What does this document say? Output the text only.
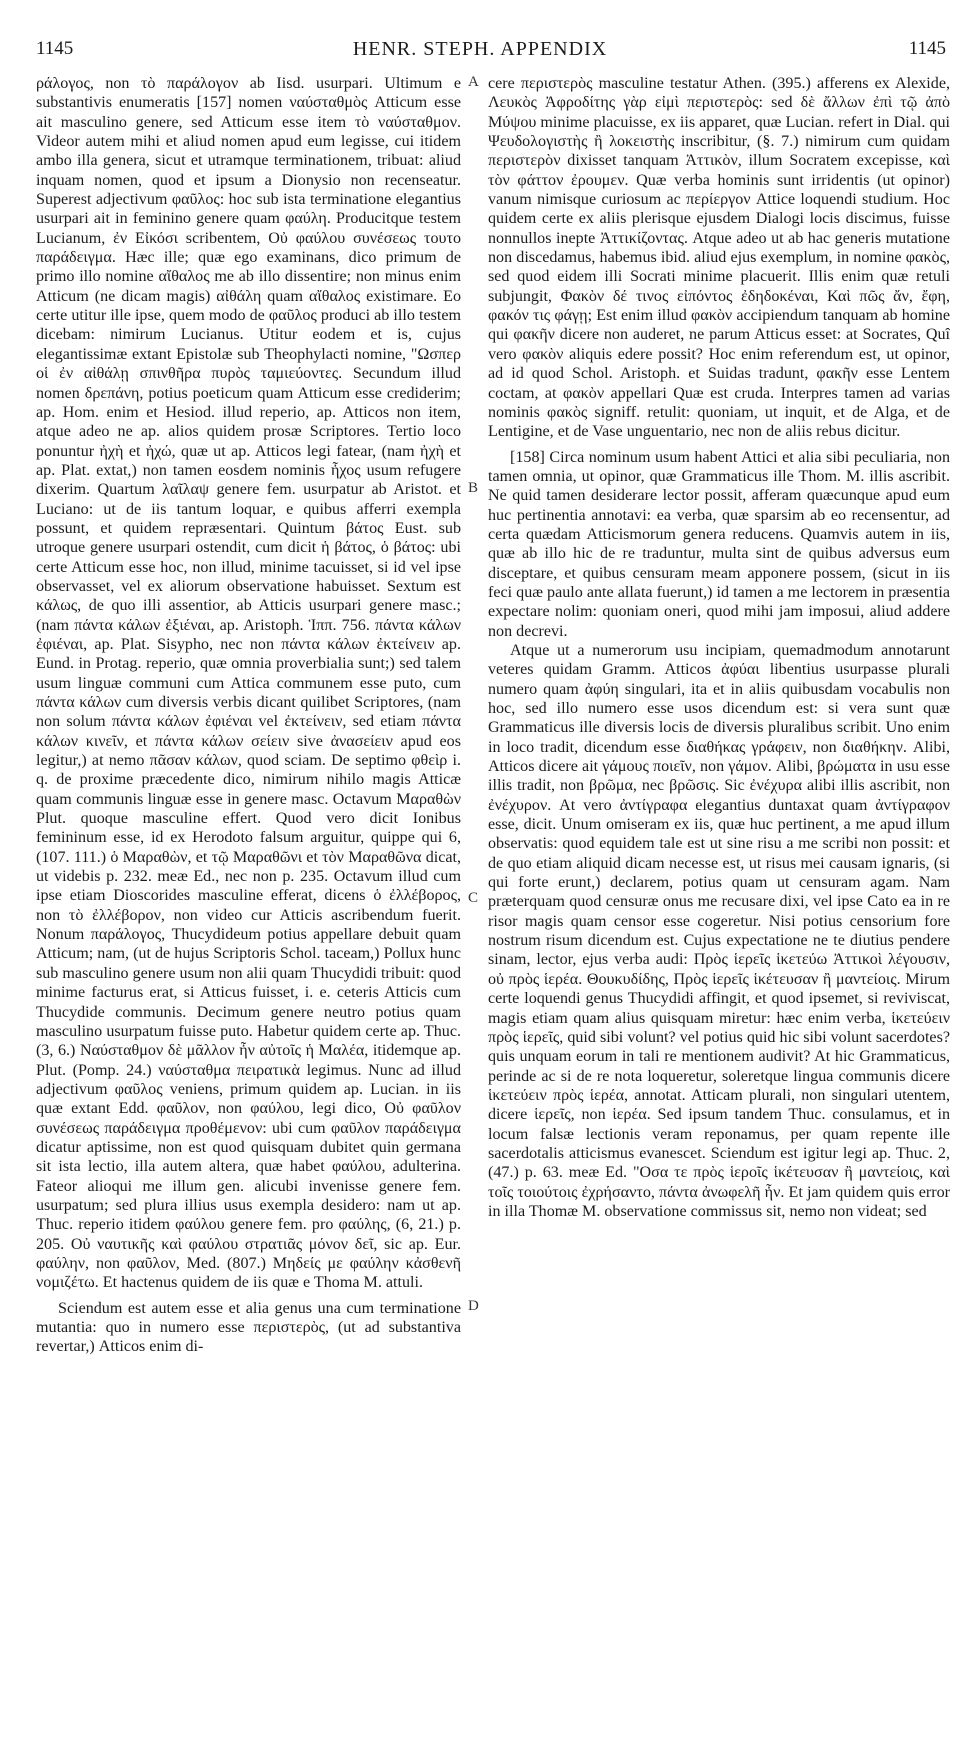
1145	HENR. STEPH. APPENDIX	1145

ράλογος, non τὸ παράλογον ab Iisd. usurpari. Ultimum e substantivis enumeratis [157] nomen ναύσταθμὸς Atticum esse ait masculino genere, sed Atticum esse item τὸ ναύσταθμον. Videor autem mihi et aliud nomen apud eum legisse, cui itidem ambo illa genera, sicut et utramque terminationem, tribuat: aliud inquam nomen, quod et ipsum a Dionysio non recenseatur. Superest adjectivum φαῦλος: hoc sub ista terminatione elegantius usurpari ait in feminino genere quam φαύλη. Producitque testem Lucianum, ἐν Εἰκόσι scribentem, Οὐ φαύλου συνέσεως τουτο παράδειγμα. Hæc ille; quæ ego examinans, dico primum de primo illo nomine αἴθαλος me ab illo dissentire; non minus enim Atticum (ne dicam magis) αἰθάλη quam αἴθαλος existimare. Eo certe utitur ille ipse, quem modo de φαῦλος produci ab illo testem dicebam: nimirum Lucianus. Utitur eodem et is, cujus elegantissimæ extant Epistolæ sub Theophylacti nomine, "Ωσπερ οἱ ἐν αἰθάλῃ σπινθῆρα πυρὸς ταμιεύοντες. Secundum illud nomen δρεπάνη, potius poeticum quam Atticum esse crediderim; ap. Hom. enim et Hesiod. illud reperio, ap. Atticos non item, atque adeo ne ap. alios quidem prosæ Scriptores. Tertio loco ponuntur ἠχὴ et ἠχώ, quæ ut ap. Atticos legi fatear, (nam ἠχὴ et ap. Plat. extat,) non tamen eosdem nominis ἦχος usum refugere dixerim. Quartum λαῖλαψ genere fem. usurpatur ab Aristot. et Luciano: ut de iis tantum loquar, e quibus afferri exempla possunt, et quidem repræsentari. Quintum βάτος Eust. sub utroque genere usurpari ostendit, cum dicit ἡ βάτος, ὁ βάτος: ubi certe Atticum esse hoc, non illud, minime tacuisset, si id vel ipse observasset, vel ex aliorum observatione habuisset. Sextum est κάλως, de quo illi assentior, ab Atticis usurpari genere masc.; (nam πάντα κάλων ἐξιέναι, ap. Aristoph. Ἱππ. 756. πάντα κάλων ἐφιέναι, ap. Plat. Sisypho, nec non πάντα κάλων ἐκτείνειν ap. Eund. in Protag. reperio, quæ omnia proverbialia sunt;) sed talem usum linguæ communi cum Attica communem esse puto, cum πάντα κάλων cum diversis verbis dicant quilibet Scriptores, (nam non solum πάντα κάλων ἐφιέναι vel ἐκτείνειν, sed etiam πάντα κάλων κινεῖν, et πάντα κάλων σείειν sive ἀνασείειν apud eos legitur,) at nemo πᾶσαν κάλων, quod sciam. De septimo φθεὶρ i. q. de proxime præcedente dico, nimirum nihilo magis Atticæ quam communis linguæ esse in genere masc. Octavum Μαραθὼν Plut. quoque masculine effert. Quod vero dicit Ionibus femininum esse, id ex Herodoto falsum arguitur, quippe qui 6, (107. 111.) ὁ Μαραθὼν, et τῷ Μαραθῶνι et τὸν Μαραθῶνα dicat, ut videbis p. 232. meæ Ed., nec non p. 235. Octavum illud cum ipse etiam Dioscorides masculine efferat, dicens ὁ ἐλλέβορος, non τὸ ἐλλέβορον, non video cur Atticis ascribendum fuerit. Nonum παράλογος, Thucydideum potius appellare debuit quam Atticum; nam, (ut de hujus Scriptoris Schol. taceam,) Pollux hunc sub masculino genere usum non alii quam Thucydidi tribuit: quod minime facturus erat, si Atticus fuisset, i. e. ceteris Atticis cum Thucydide communis. Decimum genere neutro potius quam masculino usurpatum fuisse puto. Habetur quidem certe ap. Thuc. (3, 6.) Ναύσταθμον δὲ μᾶλλον ἦν αὐτοῖς ἡ Μαλέα, itidemque ap. Plut. (Pomp. 24.) ναύσταθμα πειρατικὰ legimus. Nunc ad illud adjectivum φαῦλος veniens, primum quidem ap. Lucian. in iis quæ extant Edd. φαῦλον, non φαύλου, legi dico, Οὐ φαῦλον συνέσεως παράδειγμα προθέμενον: ubi cum φαῦλον παράδειγμα dicatur aptissime, non est quod quisquam dubitet quin germana sit ista lectio, illa autem altera, quæ habet φαύλου, adulterina. Fateor alioqui me illum gen. alicubi invenisse genere fem. usurpatum; sed plura illius usus exempla desidero: nam ut ap. Thuc. reperio itidem φαύλου genere fem. pro φαύλης, (6, 21.) p. 205. Οὐ ναυτικῆς καὶ φαύλου στρατιᾶς μόνον δεῖ, sic ap. Eur. φαύλην, non φαῦλον, Med. (807.) Μηδείς με φαύλην κἀσθενῆ νομιζέτω. Et hactenus quidem de iis quæ e Thoma M. attuli.

Sciendum est autem esse et alia genus una cum terminatione mutantia: quo in numero esse περιστερὸς, (ut ad substantiva revertar,) Atticos enim di-

A
B
C
D

cere περιστερὸς masculine testatur Athen. (395.) afferens ex Alexide, Λευκὸς Ἀφροδίτης γὰρ εἰμὶ περιστερὸς: sed δὲ ἄλλων ἐπὶ τῷ ἀπὸ Μύψου minime placuisse, ex iis apparet, quæ Lucian. refert in Dial. qui Ψευδολογιστὴς ἢ λοκειστὴς inscribitur, (§. 7.) nimirum cum quidam περιστερὸν dixisset tanquam Ἀττικὸν, illum Socratem excepisse, καὶ τὸν φάττον ἐρουμεν. Quæ verba hominis sunt irridentis (ut opinor) vanum nimisque curiosum ac περίεργον Attice loquendi studium. Hoc quidem certe ex aliis plerisque ejusdem Dialogi locis discimus, fuisse nonnullos inepte Ἀττικίζοντας. Atque adeo ut ab hac generis mutatione non discedamus, habemus ibid. aliud ejus exemplum, in nomine φακὸς, sed quod eidem illi Socrati minime placuerit. Illis enim quæ retuli subjungit, Φακὸν δέ τινος εἰπόντος ἐδηδοκέναι, Καὶ πῶς ἄν, ἔφη, φακόν τις φάγῃ; Est enim illud φακὸν accipiendum tanquam ab homine qui φακῆν dicere non auderet, ne parum Atticus esset: at Socrates, Quî vero φακὸν aliquis edere possit? Hoc enim referendum est, ut opinor, ad id quod Schol. Aristoph. et Suidas tradunt, φακῆν esse Lentem coctam, at φακὸν appellari Quæ est cruda. Interpres tamen ad varias nominis φακὸς signiff. retulit: quoniam, ut inquit, et de Alga, et de Lentigine, et de Vase unguentario, nec non de aliis rebus dicitur.

[158] Circa nominum usum habent Attici et alia sibi peculiaria, non tamen omnia, ut opinor, quæ Grammaticus ille Thom. M. illis ascribit. Ne quid tamen desiderare lector possit, afferam quæcunque apud eum huc pertinentia annotavi: ea verba, quæ sparsim ab eo recensentur, ad certa quædam Atticismorum genera reducens. Quamvis autem in iis, quæ ab illo hic de re traduntur, multa sint de quibus adversus eum disceptare, et quibus censuram meam apponere possem, (sicut in iis feci quæ paulo ante allata fuerunt,) id tamen a me lectorem in præsentia expectare nolim: quoniam oneri, quod mihi jam imposui, aliud addere non decrevi.

Atque ut a numerorum usu incipiam, quemadmodum annotarunt veteres quidam Gramm. Atticos ἀφύαι libentius usurpasse plurali numero quam ἀφύη singulari, ita et in aliis quibusdam vocabulis non hoc, sed illo numero esse usos dicendum est: si vera sunt quæ Grammaticus ille diversis locis de diversis pluralibus scribit. Uno enim in loco tradit, dicendum esse διαθήκας γράφειν, non διαθήκην. Alibi, Atticos dicere ait γάμους ποιεῖν, non γάμον. Alibi, βρώματα in usu esse illis tradit, non βρῶμα, nec βρῶσις. Sic ἐνέχυρα alibi illis ascribit, non ἐνέχυρον. At vero ἀντίγραφα elegantius duntaxat quam ἀντίγραφον esse, dicit. Unum omiseram ex iis, quæ huc pertinent, a me apud illum observatis: quod equidem tale est ut sine risu a me scribi non possit: et de quo etiam aliquid dicam necesse est, ut risus mei causam ignaris, (si qui forte erunt,) declarem, potius quam ut censuram agam. Nam præterquam quod censuræ onus me recusare dixi, vel ipse Cato ea in re risor magis quam censor esse cogeretur. Nisi potius censorium fore nostrum risum dicendum est. Cujus expectatione ne te diutius pendere sinam, lector, ejus verba audi: Πρὸς ἱερεῖς ἱκετεύω Ἀττικοὶ λέγουσιν, οὐ πρὸς ἱερέα. Θουκυδίδης, Πρὸς ἱερεῖς ἱκέτευσαν ἢ μαντείοις. Mirum certe loquendi genus Thucydidi affingit, et quod ipsemet, si reviviscat, magis etiam quam alius quisquam miretur: hæc enim verba, ἱκετεύειν πρὸς ἱερεῖς, quid sibi volunt? vel potius quid hic sibi volunt sacerdotes? quis unquam eorum in tali re mentionem audivit? At hic Grammaticus, perinde ac si de re nota loqueretur, soleretque lingua communis dicere ἱκετεύειν πρὸς ἱερέα, annotat. Atticam plurali, non singulari utentem, dicere ἱερεῖς, non ἱερέα. Sed ipsum tandem Thuc. consulamus, et in locum falsæ lectionis veram reponamus, per quam repente ille sacerdotalis atticismus evanescet. Sciendum est igitur legi ap. Thuc. 2, (47.) p. 63. meæ Ed. "Οσα τε πρὸς ἱεροῖς ἱκέτευσαν ἢ μαντείοις, καὶ τοῖς τοιούτοις ἐχρήσαντο, πάντα ἀνωφελῆ ἦν. Et jam quidem quis error in illa Thomæ M. observatione commissus sit, nemo non videat; sed
